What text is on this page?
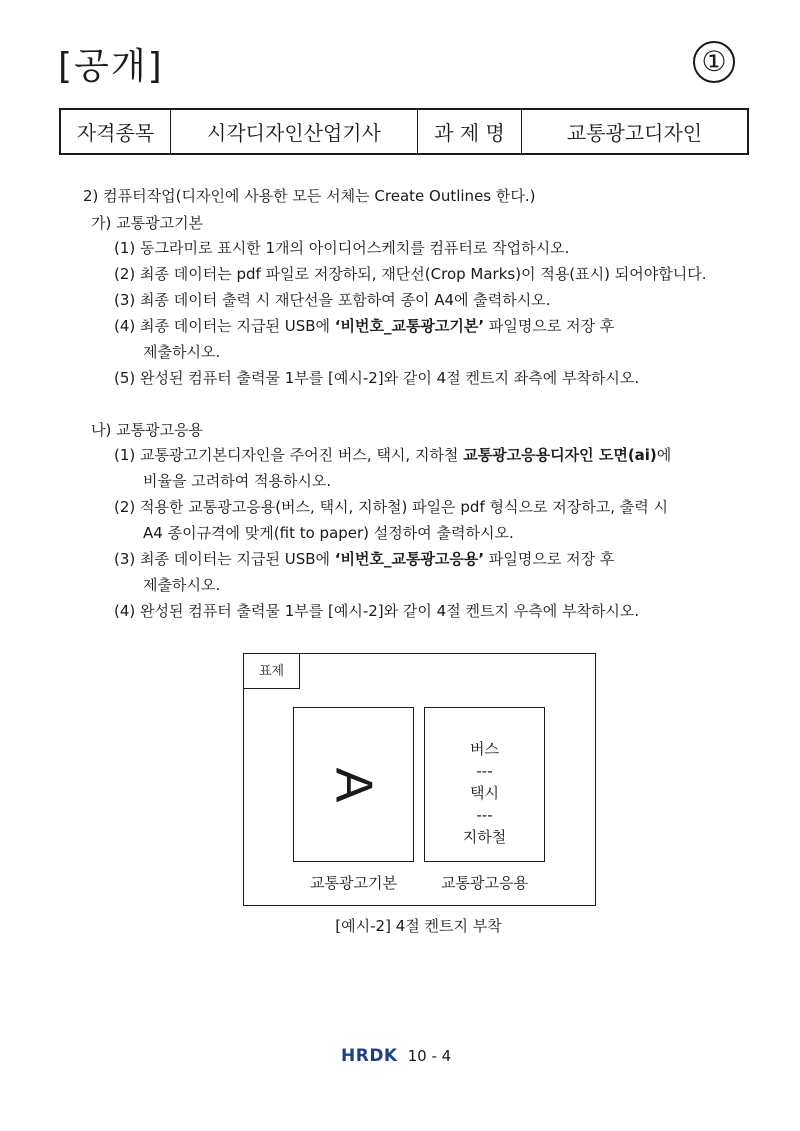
[공개]	①
자격종목	시각디자인산업기사	과 제 명	교통광고디자인
2) 컴퓨터작업(디자인에 사용한 모든 서체는 Create Outlines 한다.)
가) 교통광고기본
(1) 동그라미로 표시한 1개의 아이디어스케치를 컴퓨터로 작업하시오.
(2) 최종 데이터는 pdf 파일로 저장하되, 재단선(Crop Marks)이 적용(표시) 되어야합니다.
(3) 최종 데이터 출력 시 재단선을 포함하여 종이 A4에 출력하시오.
(4) 최종 데이터는 지급된 USB에 ‘비번호_교통광고기본’ 파일명으로 저장 후
제출하시오.
(5) 완성된 컴퓨터 출력물 1부를 [예시-2]와 같이 4절 켄트지 좌측에 부착하시오.
나) 교통광고응용
(1) 교통광고기본디자인을 주어진 버스, 택시, 지하철 교통광고응용디자인 도면(ai)에
비율을 고려하여 적용하시오.
(2) 적용한 교통광고응용(버스, 택시, 지하철) 파일은 pdf 형식으로 저장하고, 출력 시
A4 종이규격에 맞게(fit to paper) 설정하여 출력하시오.
(3) 최종 데이터는 지급된 USB에 ‘비번호_교통광고응용’ 파일명으로 저장 후
제출하시오.
(4) 완성된 컴퓨터 출력물 1부를 [예시-2]와 같이 4절 켄트지 우측에 부착하시오.
표제
A
버스
---
택시
---
지하철
교통광고기본	교통광고응용
[예시-2] 4절 켄트지 부착
HRDK 10 - 4
